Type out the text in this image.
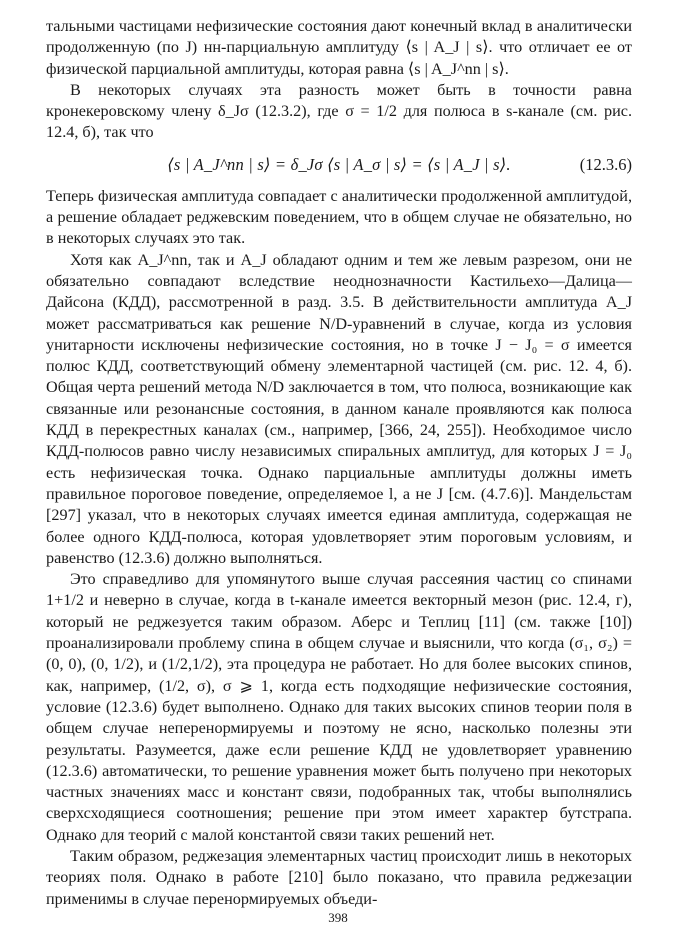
тальными частицами нефизические состояния дают конечный вклад в аналитически продолженную (по J) нн-парциальную амплитуду ⟨s | A_J | s⟩. что отличает ее от физической парциальной амплитуды, которая равна ⟨s | A_J^nn | s⟩.

В некоторых случаях эта разность может быть в точности равна кронекеровскому члену δ_Jσ (12.3.2), где σ = 1/2 для полюса в s-канале (см. рис. 12.4, б), так что

⟨s | A_J^nn | s⟩ = δ_Jσ ⟨s | A_σ | s⟩ = ⟨s | A_J | s⟩.	(12.3.6)

Теперь физическая амплитуда совпадает с аналитически продолженной амплитудой, а решение обладает реджевским поведением, что в общем случае не обязательно, но в некоторых случаях это так.

Хотя как A_J^nn, так и A_J обладают одним и тем же левым разрезом, они не обязательно совпадают вследствие неоднозначности Кастильехо—Далица—Дайсона (КДД), рассмотренной в разд. 3.5. В действительности амплитуда A_J может рассматриваться как решение N/D-уравнений в случае, когда из условия унитарности исключены нефизические состояния, но в точке J − J₀ = σ имеется полюс КДД, соответствующий обмену элементарной частицей (см. рис. 12. 4, б). Общая черта решений метода N/D заключается в том, что полюса, возникающие как связанные или резонансные состояния, в данном канале проявляются как полюса КДД в перекрестных каналах (см., например, [366, 24, 255]). Необходимое число КДД-полюсов равно числу независимых спиральных амплитуд, для которых J = J₀ есть нефизическая точка. Однако парциальные амплитуды должны иметь правильное пороговое поведение, определяемое l, а не J [см. (4.7.6)]. Мандельстам [297] указал, что в некоторых случаях имеется единая амплитуда, содержащая не более одного КДД-полюса, которая удовлетворяет этим пороговым условиям, и равенство (12.3.6) должно выполняться.

Это справедливо для упомянутого выше случая рассеяния частиц со спинами 1+1/2 и неверно в случае, когда в t-канале имеется векторный мезон (рис. 12.4, г), который не реджезуется таким образом. Аберс и Теплиц [11] (см. также [10]) проанализировали проблему спина в общем случае и выяснили, что когда (σ₁, σ₂) = (0, 0), (0, 1/2), и (1/2,1/2), эта процедура не работает. Но для более высоких спинов, как, например, (1/2, σ), σ ⩾ 1, когда есть подходящие нефизические состояния, условие (12.3.6) будет выполнено. Однако для таких высоких спинов теории поля в общем случае неперенормируемы и поэтому не ясно, насколько полезны эти результаты. Разумеется, даже если решение КДД не удовлетворяет уравнению (12.3.6) автоматически, то решение уравнения может быть получено при некоторых частных значениях масс и констант связи, подобранных так, чтобы выполнялись сверхсходящиеся соотношения; решение при этом имеет характер бутстрапа. Однако для теорий с малой константой связи таких решений нет.

Таким образом, реджезация элементарных частиц происходит лишь в некоторых теориях поля. Однако в работе [210] было показано, что правила реджезации применимы в случае перенормируемых объеди-

398
